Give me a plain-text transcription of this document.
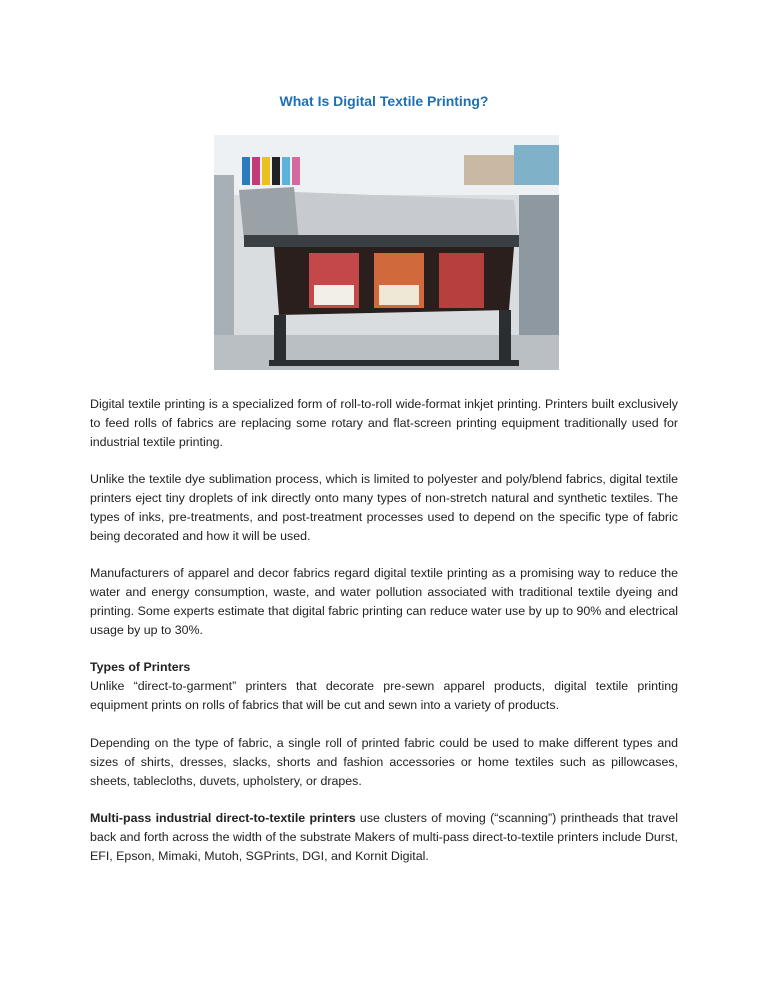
What Is Digital Textile Printing?

Digital textile printing is a specialized form of roll-to-roll wide-format inkjet printing. Printers built exclusively to feed rolls of fabrics are replacing some rotary and flat-screen printing equipment traditionally used for industrial textile printing.

Unlike the textile dye sublimation process, which is limited to polyester and poly/blend fabrics, digital textile printers eject tiny droplets of ink directly onto many types of non-stretch natural and synthetic textiles. The types of inks, pre-treatments, and post-treatment processes used to depend on the specific type of fabric being decorated and how it will be used.

Manufacturers of apparel and decor fabrics regard digital textile printing as a promising way to reduce the water and energy consumption, waste, and water pollution associated with traditional textile dyeing and printing. Some experts estimate that digital fabric printing can reduce water use by up to 90% and electrical usage by up to 30%.

Types of Printers

Unlike “direct-to-garment” printers that decorate pre-sewn apparel products, digital textile printing equipment prints on rolls of fabrics that will be cut and sewn into a variety of products.

Depending on the type of fabric, a single roll of printed fabric could be used to make different types and sizes of shirts, dresses, slacks, shorts and fashion accessories or home textiles such as pillowcases, sheets, tablecloths, duvets, upholstery, or drapes.

Multi-pass industrial direct-to-textile printers use clusters of moving (“scanning”) printheads that travel back and forth across the width of the substrate Makers of multi-pass direct-to-textile printers include Durst, EFI, Epson, Mimaki, Mutoh, SGPrints, DGI, and Kornit Digital.
